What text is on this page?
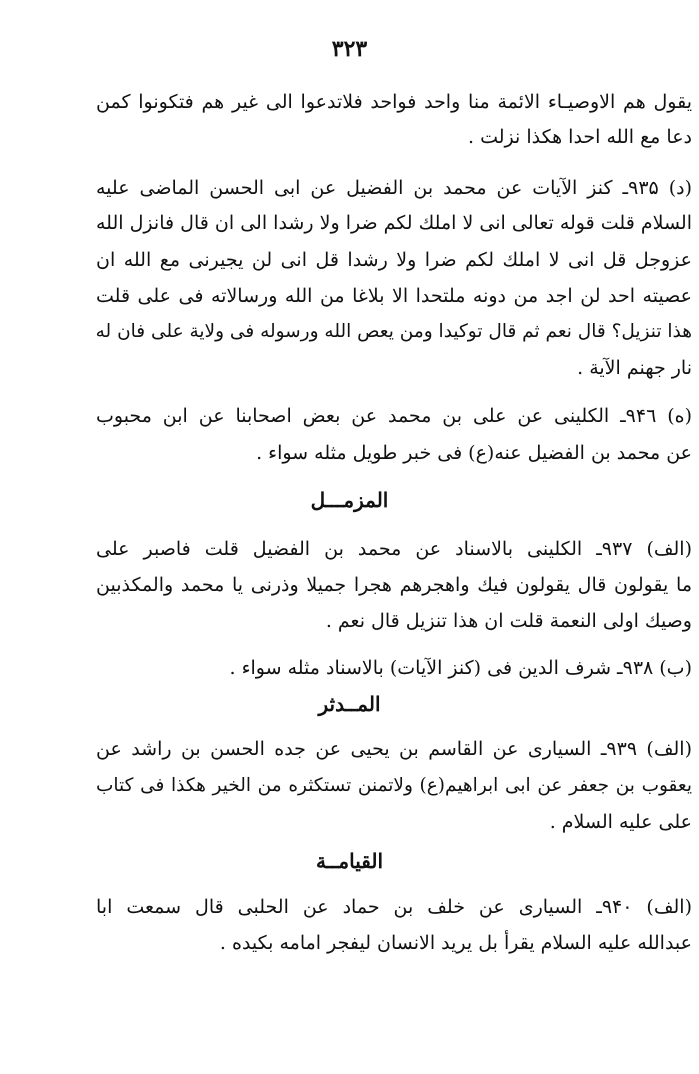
۳۲۳
يقول هم الاوصيـاء الائمة منا واحد فواحد فلاتدعوا الى غير هم فتكونوا كمن
دعا مع الله احدا هكذا نزلت .
(د) ۹۳۵ـ كنز الآيات عن محمد بن الفضيل عن ابى الحسن الماضى عليه
السلام قلت قوله تعالى انى لا املك لكم ضرا ولا رشدا الى ان قال فانزل الله
عزوجل قل انى لا املك لكم ضرا ولا رشدا قل انى لن يجيرنى مع الله ان
عصيته احد لن اجد من دونه ملتحدا الا بلاغا من الله ورسالاته فى على قلت
هذا تنزيل؟ قال نعم ثم قال توكيدا ومن يعص الله ورسوله فى ولاية على فان له
نار جهنم الآية .
(ه) ۹۴٦ـ الكلينى عن على بن محمد عن بعض اصحابنا عن ابن محبوب
عن محمد بن الفضيل عنه(ع) فى خبر طويل مثله سواء .
المزمـــل
(الف) ۹۳۷ـ الكلينى بالاسناد عن محمد بن الفضيل قلت فاصبر على
ما يقولون قال يقولون فيك واهجرهم هجرا جميلا وذرنى يا محمد والمكذبين
وصيك اولى النعمة قلت ان هذا تنزيل قال نعم .
(ب) ۹۳۸ـ شرف الدين فى (كنز الآيات) بالاسناد مثله سواء .
المــدثر
(الف) ۹۳۹ـ السيارى عن القاسم بن يحيى عن جده الحسن بن راشد عن
يعقوب بن جعفر عن ابى ابراهيم(ع) ولاتمنن تستكثره من الخير هكذا فى كتاب
على عليه السلام .
القيامــة
(الف) ۹۴۰ـ السيارى عن خلف بن حماد عن الحلبى قال سمعت ابا
عبدالله عليه السلام يقرأ بل يريد الانسان ليفجر امامه بكيده .
